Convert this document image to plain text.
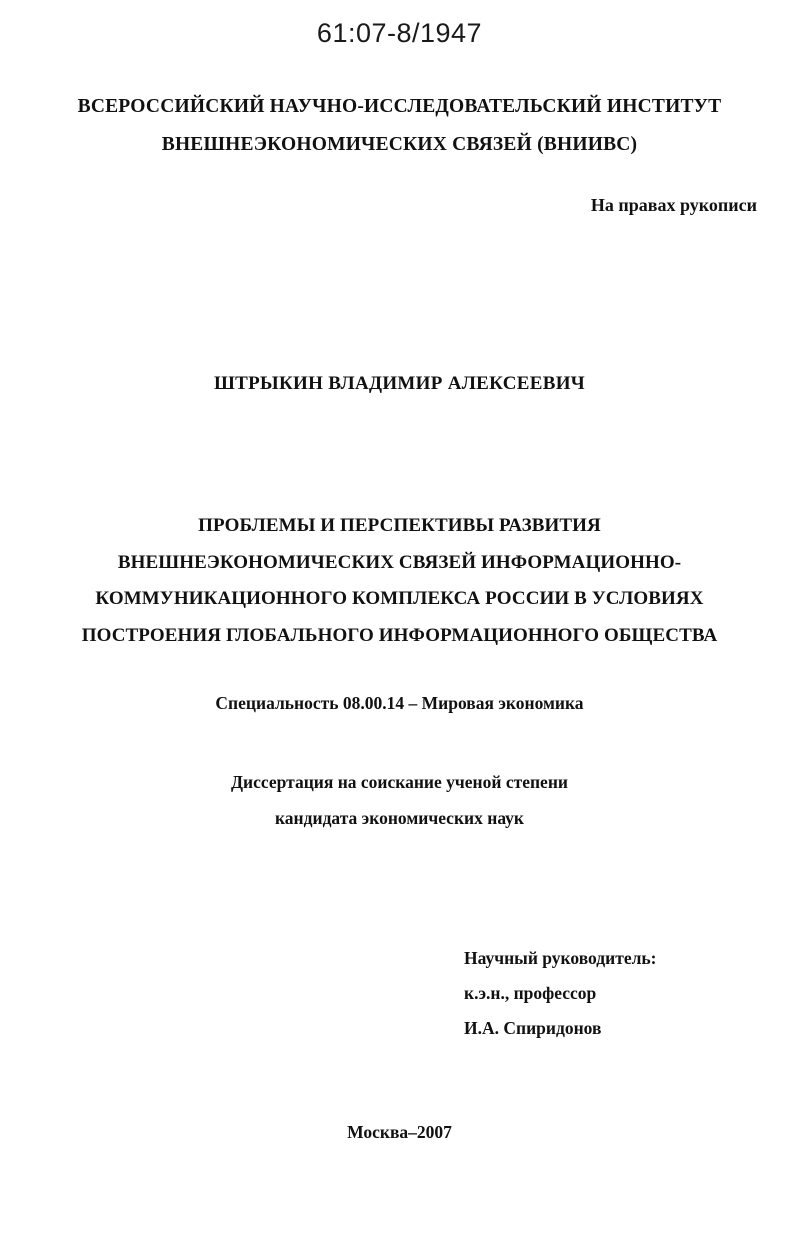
61:07-8/1947
ВСЕРОССИЙСКИЙ НАУЧНО-ИССЛЕДОВАТЕЛЬСКИЙ ИНСТИТУТ
ВНЕШНЕЭКОНОМИЧЕСКИХ СВЯЗЕЙ (ВНИИВС)
На правах рукописи
ШТРЫКИН ВЛАДИМИР АЛЕКСЕЕВИЧ
ПРОБЛЕМЫ И ПЕРСПЕКТИВЫ РАЗВИТИЯ
ВНЕШНЕЭКОНОМИЧЕСКИХ СВЯЗЕЙ ИНФОРМАЦИОННО-
КОММУНИКАЦИОННОГО КОМПЛЕКСА РОССИИ В УСЛОВИЯХ
ПОСТРОЕНИЯ ГЛОБАЛЬНОГО ИНФОРМАЦИОННОГО ОБЩЕСТВА
Специальность 08.00.14 – Мировая экономика
Диссертация на соискание ученой степени
кандидата экономических наук
Научный руководитель:
к.э.н., профессор
И.А. Спиридонов
Москва–2007
